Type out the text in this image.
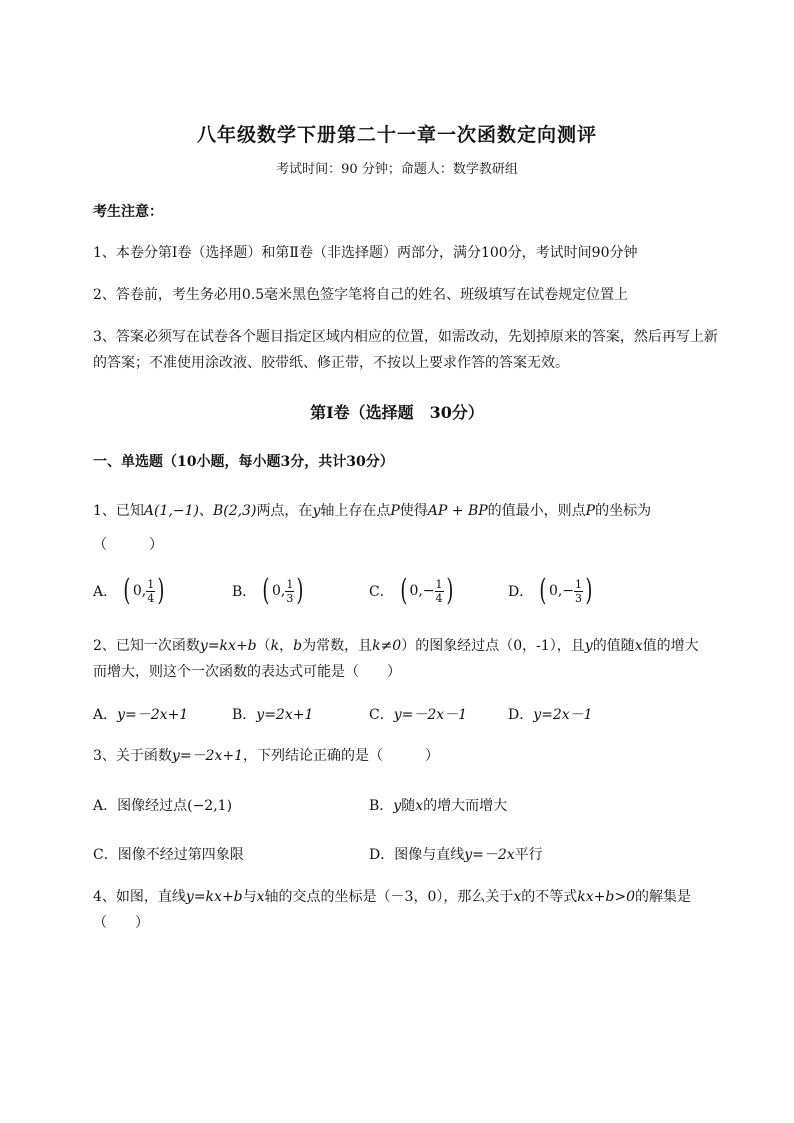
八年级数学下册第二十一章一次函数定向测评
考试时间：90 分钟；命题人：数学教研组
考生注意：
1、本卷分第Ⅰ卷（选择题）和第Ⅱ卷（非选择题）两部分，满分100分，考试时间90分钟
2、答卷前，考生务必用0.5毫米黑色签字笔将自己的姓名、班级填写在试卷规定位置上
3、答案必须写在试卷各个题目指定区域内相应的位置，如需改动，先划掉原来的答案，然后再写上新
的答案；不准使用涂改液、胶带纸、修正带，不按以上要求作答的答案无效。
第Ⅰ卷（选择题　30分）
一、单选题（10小题，每小题3分，共计30分）
1、已知A(1,−1)、B(2,3)两点，在y轴上存在点P使得AP + BP的值最小，则点P的坐标为
（　　　）
A． ( 0, $\frac{1}{4}$ )	B． ( 0, $\frac{1}{3}$ )	C． ( $0,- \frac{1}{4}$ )	D． ( $0,- \frac{1}{3}$ )
2、已知一次函数y=kx+b（k，b为常数，且k≠0）的图象经过点（0，-1），且y的值随x值的增大
而增大，则这个一次函数的表达式可能是（　　）
A．y=－2x+1	B．y=2x+1	C．y=－2x－1	D．y=2x－1
3、关于函数y=－2x+1，下列结论正确的是（　　　）
A．图像经过点(−2,1)	B．y随x的增大而增大
C．图像不经过第四象限	D．图像与直线y=－2x平行
4、如图，直线y=kx+b与x轴的交点的坐标是（－3，0），那么关于x的不等式kx+b>0的解集是
（　　）
